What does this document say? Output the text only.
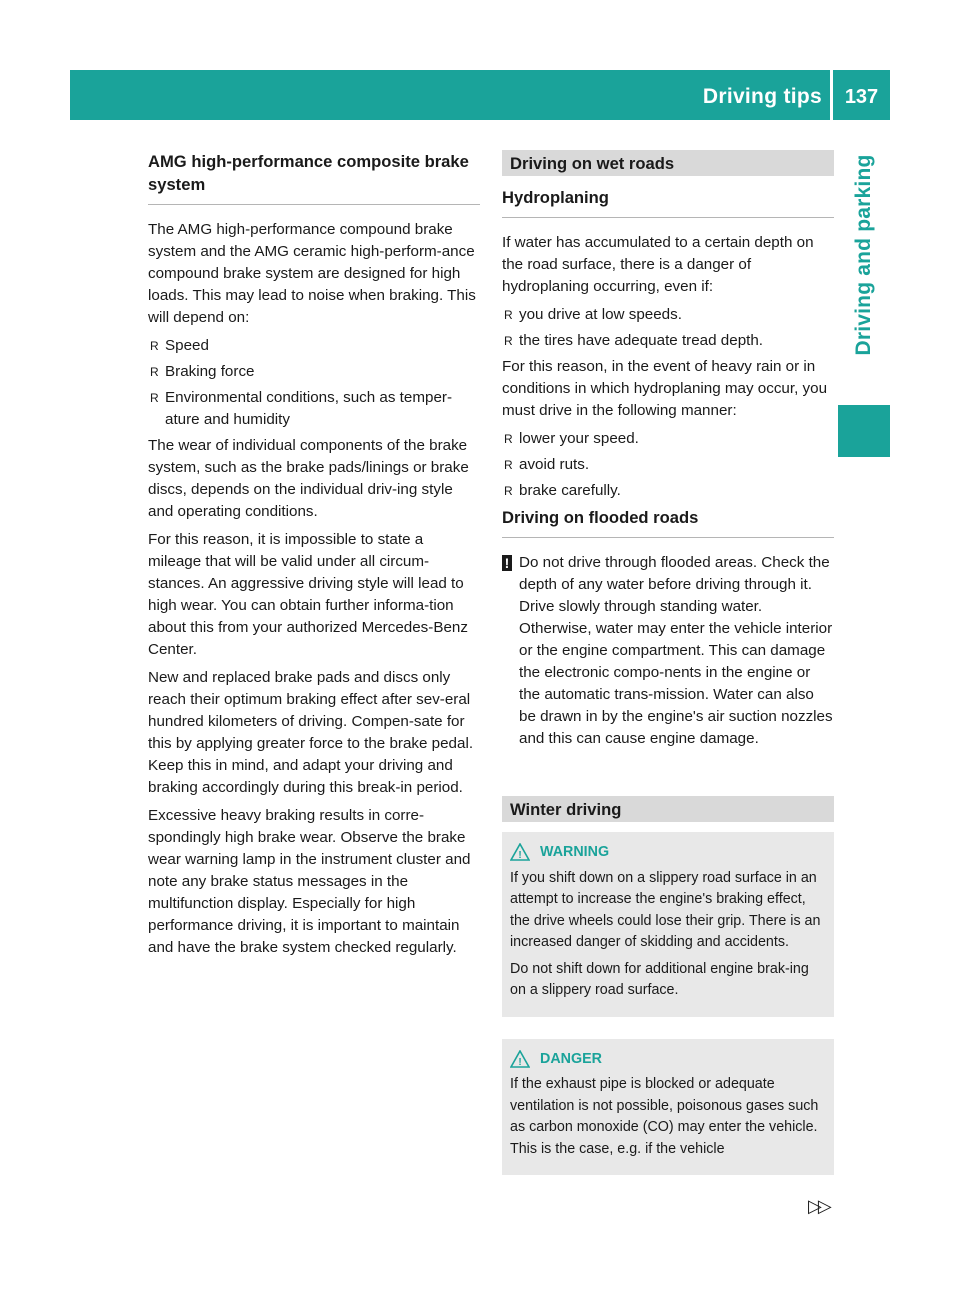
Driving tips	137
Driving and parking
AMG high-performance composite brake system

The AMG high-performance compound brake system and the AMG ceramic high-perform-ance compound brake system are designed for high loads. This may lead to noise when braking. This will depend on:

R Speed
R Braking force
R Environmental conditions, such as temper-ature and humidity

The wear of individual components of the brake system, such as the brake pads/linings or brake discs, depends on the individual driv-ing style and operating conditions.

For this reason, it is impossible to state a mileage that will be valid under all circum-stances. An aggressive driving style will lead to high wear. You can obtain further informa-tion about this from your authorized Mercedes-Benz Center.

New and replaced brake pads and discs only reach their optimum braking effect after sev-eral hundred kilometers of driving. Compen-sate for this by applying greater force to the brake pedal. Keep this in mind, and adapt your driving and braking accordingly during this break-in period.

Excessive heavy braking results in corre-spondingly high brake wear. Observe the brake wear warning lamp in the instrument cluster and note any brake status messages in the multifunction display. Especially for high performance driving, it is important to maintain and have the brake system checked regularly.

Driving on wet roads
Hydroplaning

If water has accumulated to a certain depth on the road surface, there is a danger of hydroplaning occurring, even if:

R you drive at low speeds.
R the tires have adequate tread depth.

For this reason, in the event of heavy rain or in conditions in which hydroplaning may occur, you must drive in the following manner:

R lower your speed.
R avoid ruts.
R brake carefully.
Driving on flooded roads
! Do not drive through flooded areas. Check the depth of any water before driving through it. Drive slowly through standing water. Otherwise, water may enter the vehicle interior or the engine compartment. This can damage the electronic compo-nents in the engine or the automatic trans-mission. Water can also be drawn in by the engine's air suction nozzles and this can cause engine damage.
Winter driving
! WARNING

If you shift down on a slippery road surface in an attempt to increase the engine's braking effect, the drive wheels could lose their grip. There is an increased danger of skidding and accidents.

Do not shift down for additional engine brak-ing on a slippery road surface.

! DANGER

If the exhaust pipe is blocked or adequate ventilation is not possible, poisonous gases such as carbon monoxide (CO) may enter the vehicle. This is the case, e.g. if the vehicle

▷▷
